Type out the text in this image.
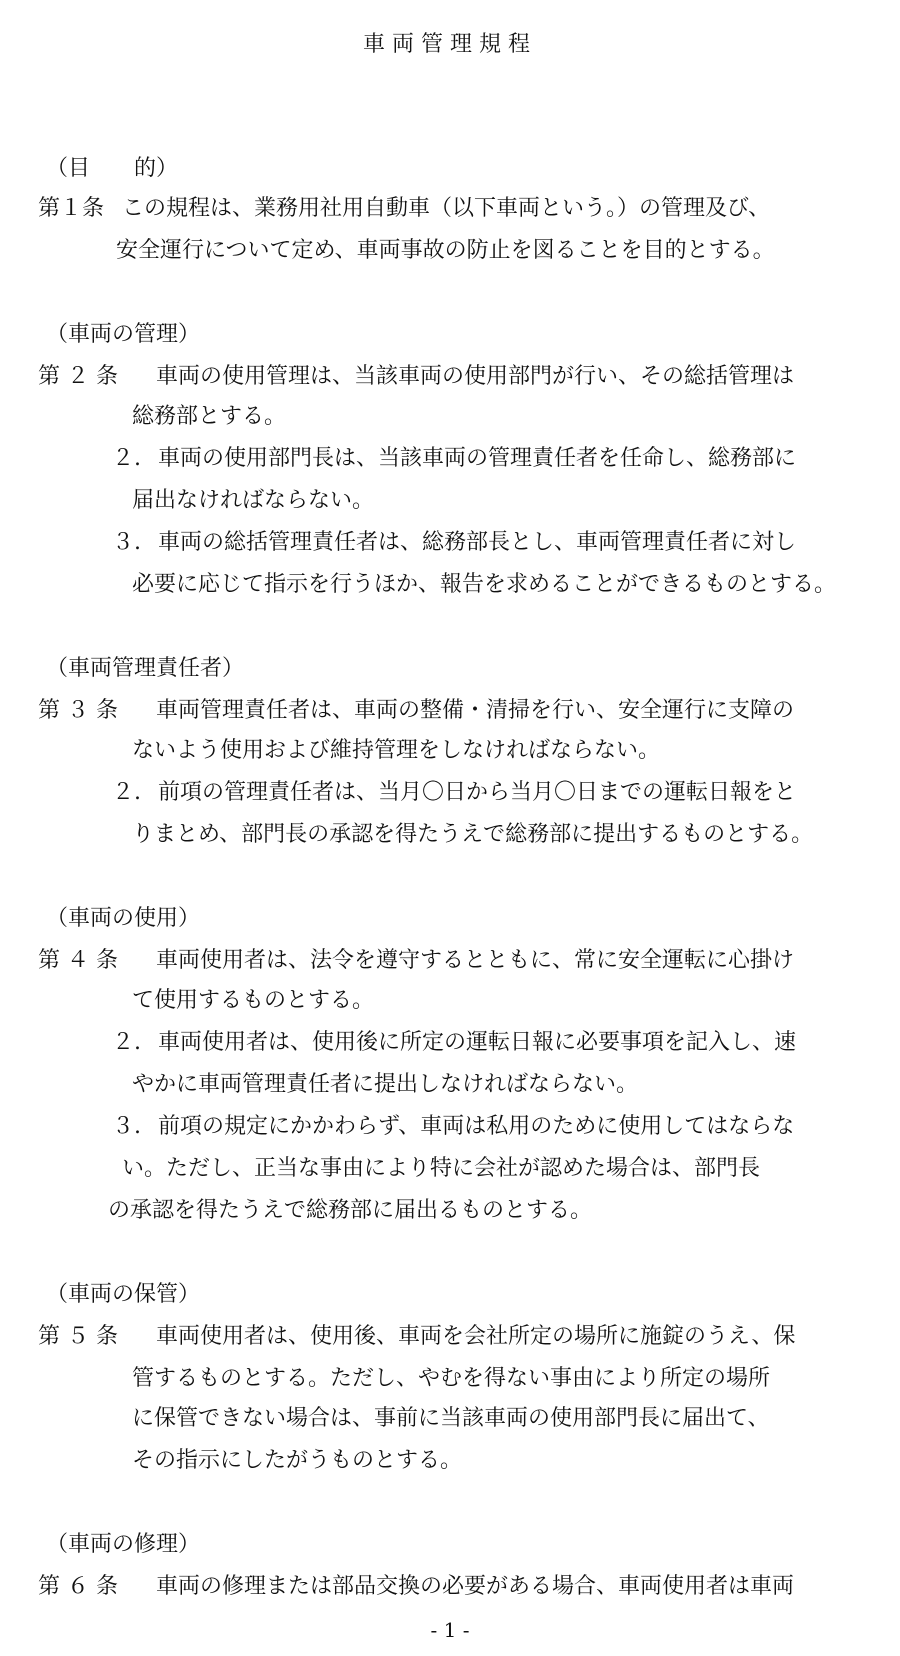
車両管理規程
（目　　的）
第１条 この規程は、業務用社用自動車（以下車両という。）の管理及び、
安全運行について定め、車両事故の防止を図ることを目的とする。
（車両の管理）
第 ２ 条 車両の使用管理は、当該車両の使用部門が行い、その総括管理は
総務部とする。
２. 車両の使用部門長は、当該車両の管理責任者を任命し、総務部に
届出なければならない。
３. 車両の総括管理責任者は、総務部長とし、車両管理責任者に対し
必要に応じて指示を行うほか、報告を求めることができるものとする。
（車両管理責任者）
第 ３ 条 車両管理責任者は、車両の整備・清掃を行い、安全運行に支障の
ないよう使用および維持管理をしなければならない。
２. 前項の管理責任者は、当月〇日から当月〇日までの運転日報をと
りまとめ、部門長の承認を得たうえで総務部に提出するものとする。
（車両の使用）
第 ４ 条 車両使用者は、法令を遵守するとともに、常に安全運転に心掛け
て使用するものとする。
２. 車両使用者は、使用後に所定の運転日報に必要事項を記入し、速
やかに車両管理責任者に提出しなければならない。
３. 前項の規定にかかわらず、車両は私用のために使用してはならな
い。ただし、正当な事由により特に会社が認めた場合は、部門長
の承認を得たうえで総務部に届出るものとする。
（車両の保管）
第 ５ 条 車両使用者は、使用後、車両を会社所定の場所に施錠のうえ、保
管するものとする。ただし、やむを得ない事由により所定の場所
に保管できない場合は、事前に当該車両の使用部門長に届出て、
その指示にしたがうものとする。
（車両の修理）
第 ６ 条 車両の修理または部品交換の必要がある場合、車両使用者は車両
- 1 -
